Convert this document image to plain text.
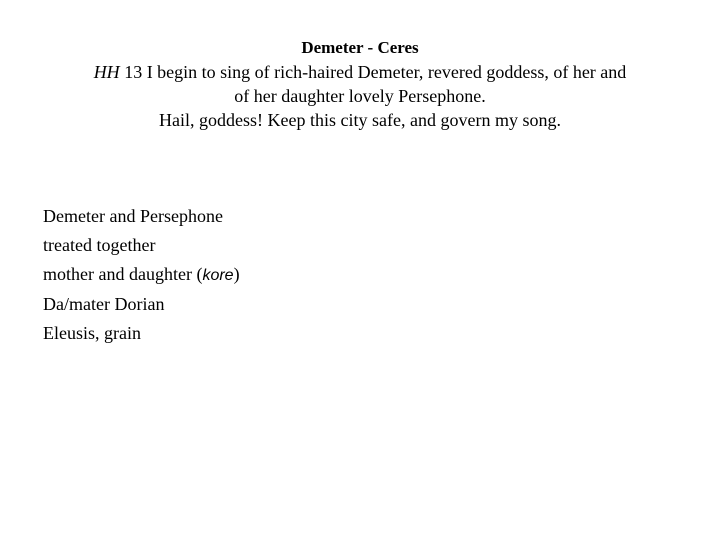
Demeter - Ceres
HH 13 I begin to sing of rich-haired Demeter, revered goddess, of her and
of her daughter lovely Persephone.
Hail, goddess! Keep this city safe, and govern my song.
Demeter and Persephone
treated together
mother and daughter (kore)
Da/mater Dorian
Eleusis, grain
